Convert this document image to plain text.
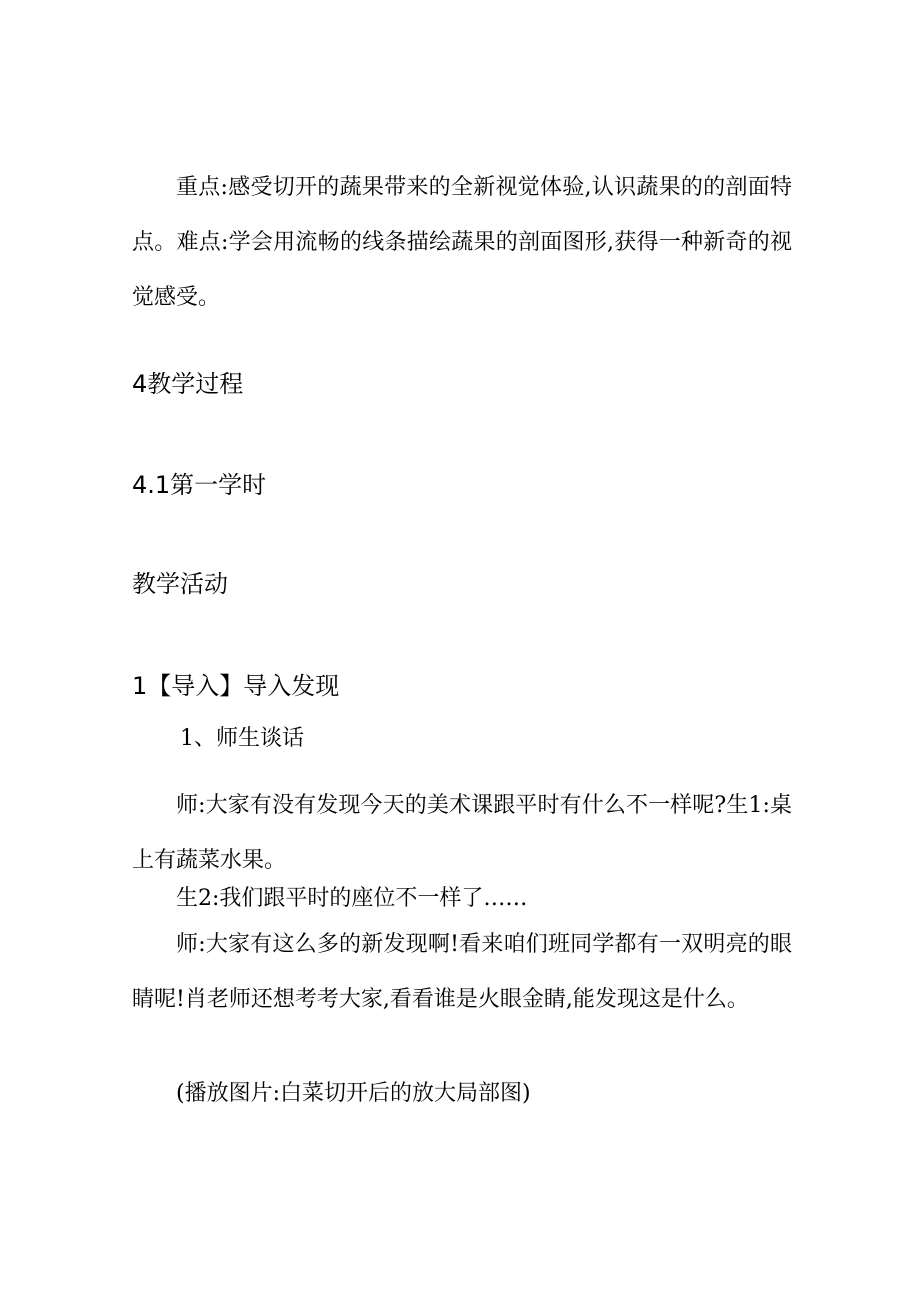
重点:感受切开的蔬果带来的全新视觉体验,认识蔬果的的剖面特点。难点:学会用流畅的线条描绘蔬果的剖面图形,获得一种新奇的视觉感受。

4教学过程
4.1第一学时
教学活动
1【导入】导入发现

1、师生谈话

师:大家有没有发现今天的美术课跟平时有什么不一样呢?生1:桌上有蔬菜水果。

生2:我们跟平时的座位不一样了……

师:大家有这么多的新发现啊!看来咱们班同学都有一双明亮的眼睛呢!肖老师还想考考大家,看看谁是火眼金睛,能发现这是什么。

(播放图片:白菜切开后的放大局部图)
